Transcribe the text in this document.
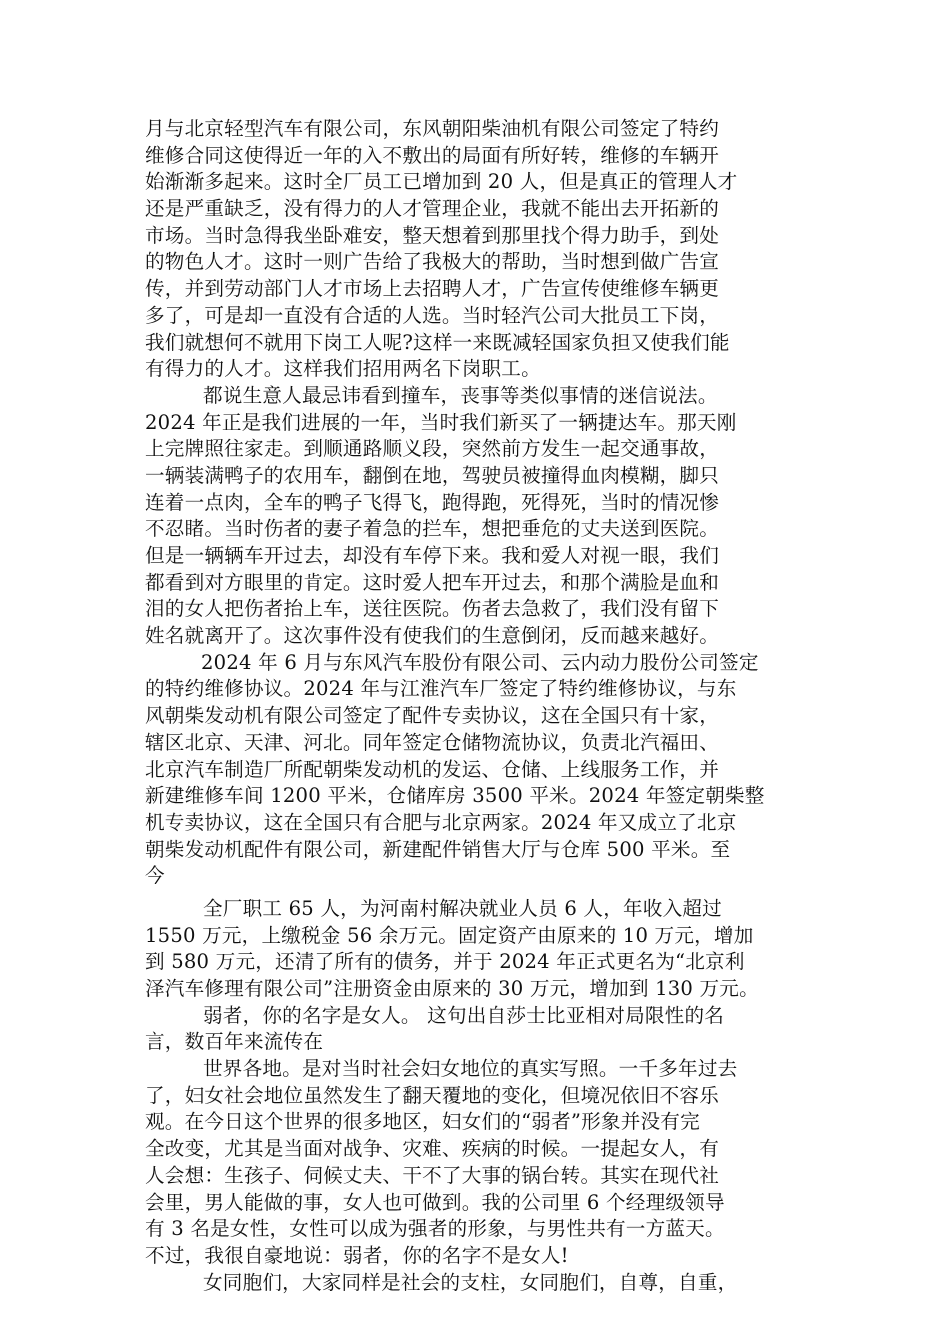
月与北京轻型汽车有限公司，东风朝阳柴油机有限公司签定了特约
维修合同这使得近一年的入不敷出的局面有所好转，维修的车辆开
始渐渐多起来。这时全厂员工已增加到 20 人，但是真正的管理人才
还是严重缺乏，没有得力的人才管理企业，我就不能出去开拓新的
市场。当时急得我坐卧难安，整天想着到那里找个得力助手，到处
的物色人才。这时一则广告给了我极大的帮助，当时想到做广告宣
传，并到劳动部门人才市场上去招聘人才，广告宣传使维修车辆更
多了，可是却一直没有合适的人选。当时轻汽公司大批员工下岗，
我们就想何不就用下岗工人呢?这样一来既减轻国家负担又使我们能
有得力的人才。这样我们招用两名下岗职工。
都说生意人最忌讳看到撞车，丧事等类似事情的迷信说法。
2024 年正是我们进展的一年，当时我们新买了一辆捷达车。那天刚
上完牌照往家走。到顺通路顺义段，突然前方发生一起交通事故，
一辆装满鸭子的农用车，翻倒在地，驾驶员被撞得血肉模糊，脚只
连着一点肉，全车的鸭子飞得飞，跑得跑，死得死，当时的情况惨
不忍睹。当时伤者的妻子着急的拦车，想把垂危的丈夫送到医院。
但是一辆辆车开过去，却没有车停下来。我和爱人对视一眼，我们
都看到对方眼里的肯定。这时爱人把车开过去，和那个满脸是血和
泪的女人把伤者抬上车，送往医院。伤者去急救了，我们没有留下
姓名就离开了。这次事件没有使我们的生意倒闭，反而越来越好。
2024 年 6 月与东风汽车股份有限公司、云内动力股份公司签定
的特约维修协议。2024 年与江淮汽车厂签定了特约维修协议，与东
风朝柴发动机有限公司签定了配件专卖协议，这在全国只有十家，
辖区北京、天津、河北。同年签定仓储物流协议，负责北汽福田、
北京汽车制造厂所配朝柴发动机的发运、仓储、上线服务工作，并
新建维修车间 1200 平米，仓储库房 3500 平米。2024 年签定朝柴整
机专卖协议，这在全国只有合肥与北京两家。2024 年又成立了北京
朝柴发动机配件有限公司，新建配件销售大厅与仓库 500 平米。至
今
全厂职工 65 人，为河南村解决就业人员 6 人，年收入超过
1550 万元，上缴税金 56 余万元。固定资产由原来的 10 万元，增加
到 580 万元，还清了所有的债务，并于 2024 年正式更名为“北京利
泽汽车修理有限公司”注册资金由原来的 30 万元，增加到 130 万元。
弱者，你的名字是女人。 这句出自莎士比亚相对局限性的名
言，数百年来流传在
世界各地。是对当时社会妇女地位的真实写照。一千多年过去
了，妇女社会地位虽然发生了翻天覆地的变化，但境况依旧不容乐
观。在今日这个世界的很多地区，妇女们的“弱者”形象并没有完
全改变，尤其是当面对战争、灾难、疾病的时候。一提起女人，有
人会想：生孩子、伺候丈夫、干不了大事的锅台转。其实在现代社
会里，男人能做的事，女人也可做到。我的公司里 6 个经理级领导
有 3 名是女性，女性可以成为强者的形象，与男性共有一方蓝天。
不过，我很自豪地说：弱者，你的名字不是女人!
女同胞们，大家同样是社会的支柱，女同胞们，自尊，自重，
